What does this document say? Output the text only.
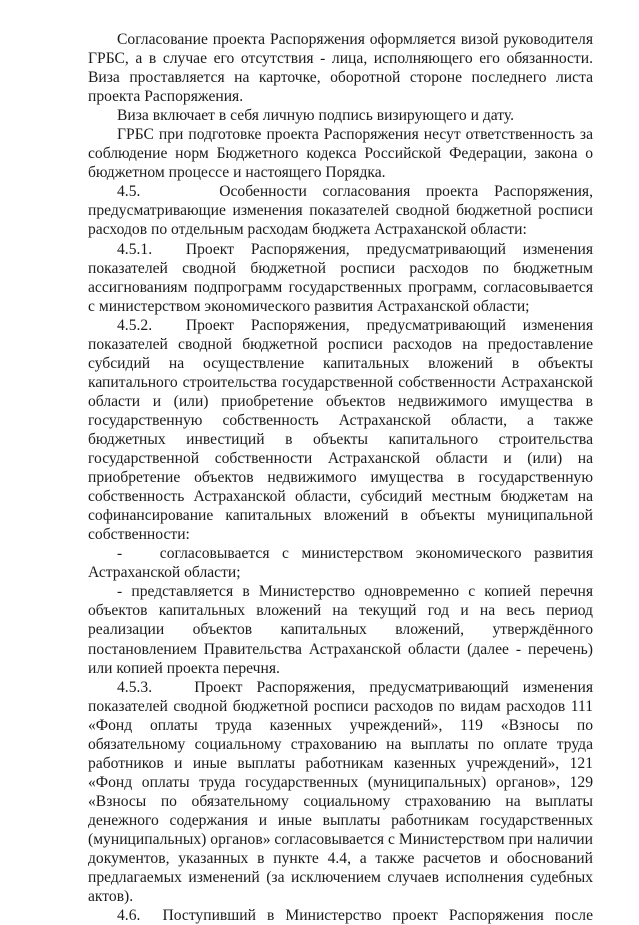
Согласование проекта Распоряжения оформляется визой руководителя ГРБС, а в случае его отсутствия - лица, исполняющего его обязанности. Виза проставляется на карточке, оборотной стороне последнего листа проекта Распоряжения.

Виза включает в себя личную подпись визирующего и дату.

ГРБС при подготовке проекта Распоряжения несут ответственность за соблюдение норм Бюджетного кодекса Российской Федерации, закона о бюджетном процессе и настоящего Порядка.

4.5.     Особенности согласования проекта Распоряжения, предусматривающие изменения показателей сводной бюджетной росписи расходов по отдельным расходам бюджета Астраханской области:

4.5.1.  Проект Распоряжения, предусматривающий изменения показателей сводной бюджетной росписи расходов по бюджетным ассигнованиям подпрограмм государственных программ, согласовывается с министерством экономического развития Астраханской области;

4.5.2.  Проект Распоряжения, предусматривающий изменения показателей сводной бюджетной росписи расходов на предоставление субсидий на осуществление капитальных вложений в объекты капитального строительства государственной собственности Астраханской области и (или) приобретение объектов недвижимого имущества в государственную собственность Астраханской области, а также бюджетных инвестиций в объекты капитального строительства государственной собственности Астраханской области и (или) на приобретение объектов недвижимого имущества в государственную собственность Астраханской области, субсидий местным бюджетам на софинансирование капитальных вложений в объекты муниципальной собственности:

-   согласовывается с министерством экономического развития Астраханской области;

- представляется в Министерство одновременно с копией перечня объектов капитальных вложений на текущий год и на весь период реализации объектов капитальных вложений, утверждённого постановлением Правительства Астраханской области (далее - перечень) или копией проекта перечня.

4.5.3.   Проект Распоряжения, предусматривающий изменения показателей сводной бюджетной росписи расходов по видам расходов 111 «Фонд оплаты труда казенных учреждений», 119 «Взносы по обязательному социальному страхованию на выплаты по оплате труда работников и иные выплаты работникам казенных учреждений», 121 «Фонд оплаты труда государственных (муниципальных) органов», 129 «Взносы по обязательному социальному страхованию на выплаты денежного содержания и иные выплаты работникам государственных (муниципальных) органов» согласовывается с Министерством при наличии документов, указанных в пункте 4.4, а также расчетов и обоснований предлагаемых изменений (за исключением случаев исполнения судебных актов).

4.6.  Поступивший в Министерство проект Распоряжения после
